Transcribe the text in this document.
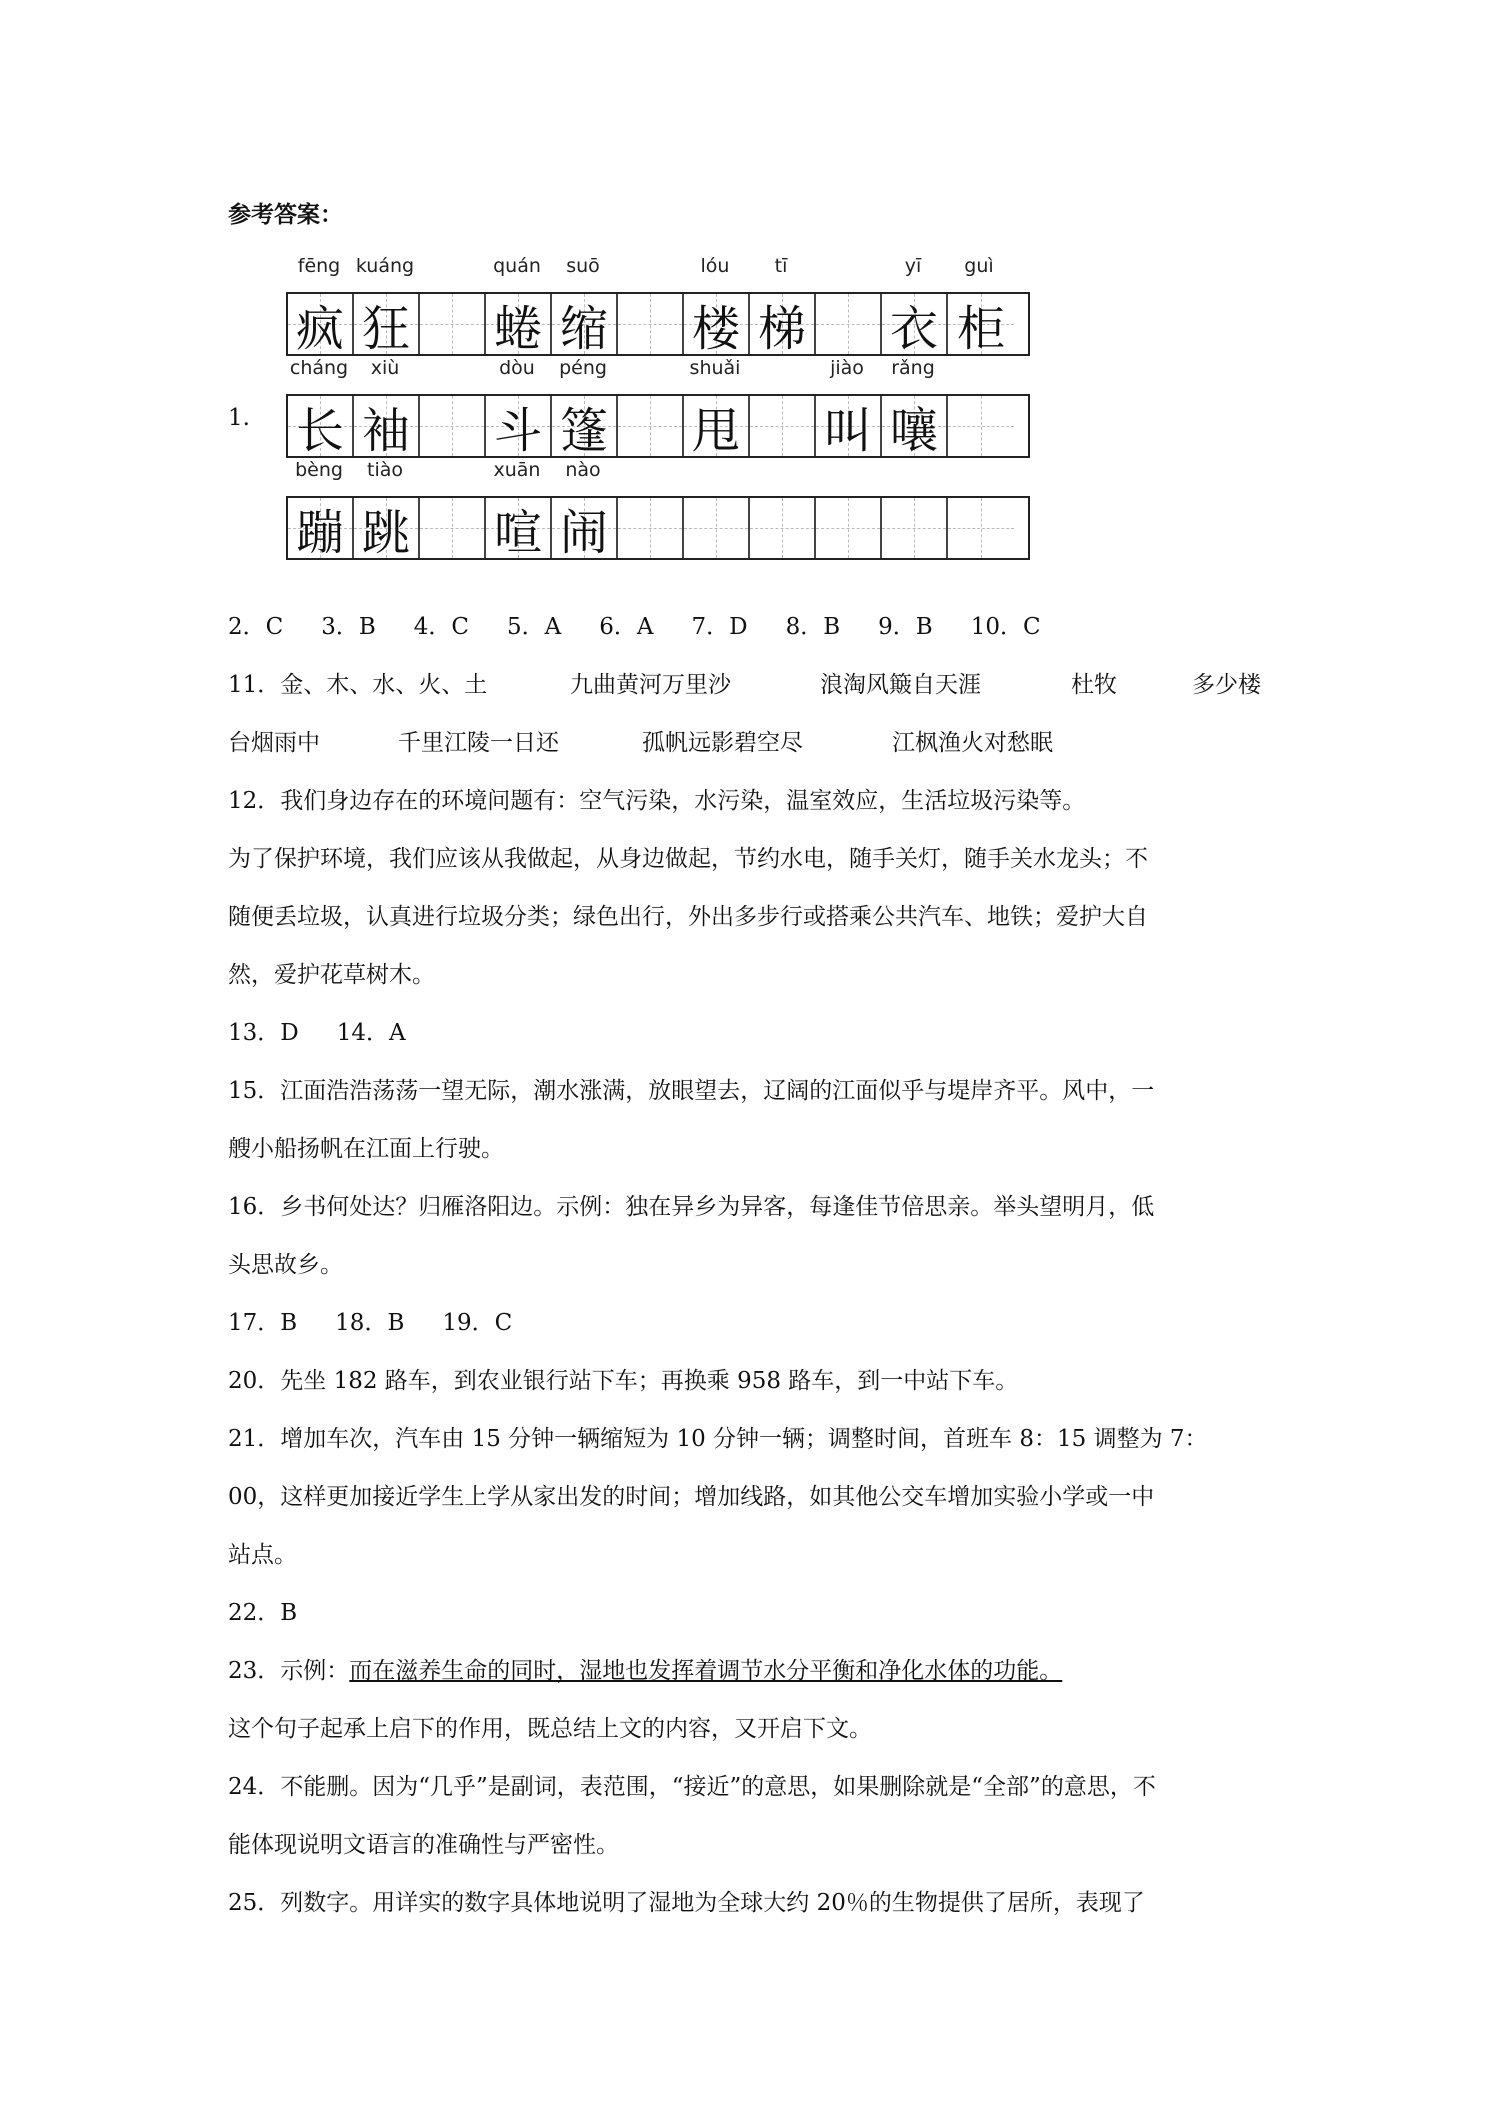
参考答案：
1.
fēng kuáng	quán	suō	lóu	tī	yī	guì
疯 狂 蜷 缩 楼 梯 衣 柜
cháng	xiù	dòu	péng	shuǎi	jiào	rǎng
长 袖 斗 篷 甩 叫 嚷
bèng	tiào	xuān	nào
蹦 跳 喧 闹
2．C 3．B 4．C 5．A 6．A 7．D 8．B 9．B 10．C
11．金、木、水、火、土	九曲黄河万里沙	浪淘风簸自天涯	杜牧	多少楼
台烟雨中	千里江陵一日还	孤帆远影碧空尽	江枫渔火对愁眠
12．我们身边存在的环境问题有：空气污染，水污染，温室效应，生活垃圾污染等。
为了保护环境，我们应该从我做起，从身边做起，节约水电，随手关灯，随手关水龙头；不
随便丢垃圾，认真进行垃圾分类；绿色出行，外出多步行或搭乘公共汽车、地铁；爱护大自
然，爱护花草树木。
13．D 14．A
15．江面浩浩荡荡一望无际，潮水涨满，放眼望去，辽阔的江面似乎与堤岸齐平。风中，一
艘小船扬帆在江面上行驶。
16．乡书何处达？归雁洛阳边。示例：独在异乡为异客，每逢佳节倍思亲。举头望明月，低
头思故乡。
17．B 18．B 19．C
20．先坐 182 路车，到农业银行站下车；再换乘 958 路车，到一中站下车。
21．增加车次，汽车由 15 分钟一辆缩短为 10 分钟一辆；调整时间，首班车 8：15 调整为 7：
00，这样更加接近学生上学从家出发的时间；增加线路，如其他公交车增加实验小学或一中
站点。
22．B
23．示例：而在滋养生命的同时，湿地也发挥着调节水分平衡和净化水体的功能。
这个句子起承上启下的作用，既总结上文的内容，又开启下文。
24．不能删。因为“几乎”是副词，表范围，“接近”的意思，如果删除就是“全部”的意思，不
能体现说明文语言的准确性与严密性。
25．列数字。用详实的数字具体地说明了湿地为全球大约 20％的生物提供了居所，表现了
